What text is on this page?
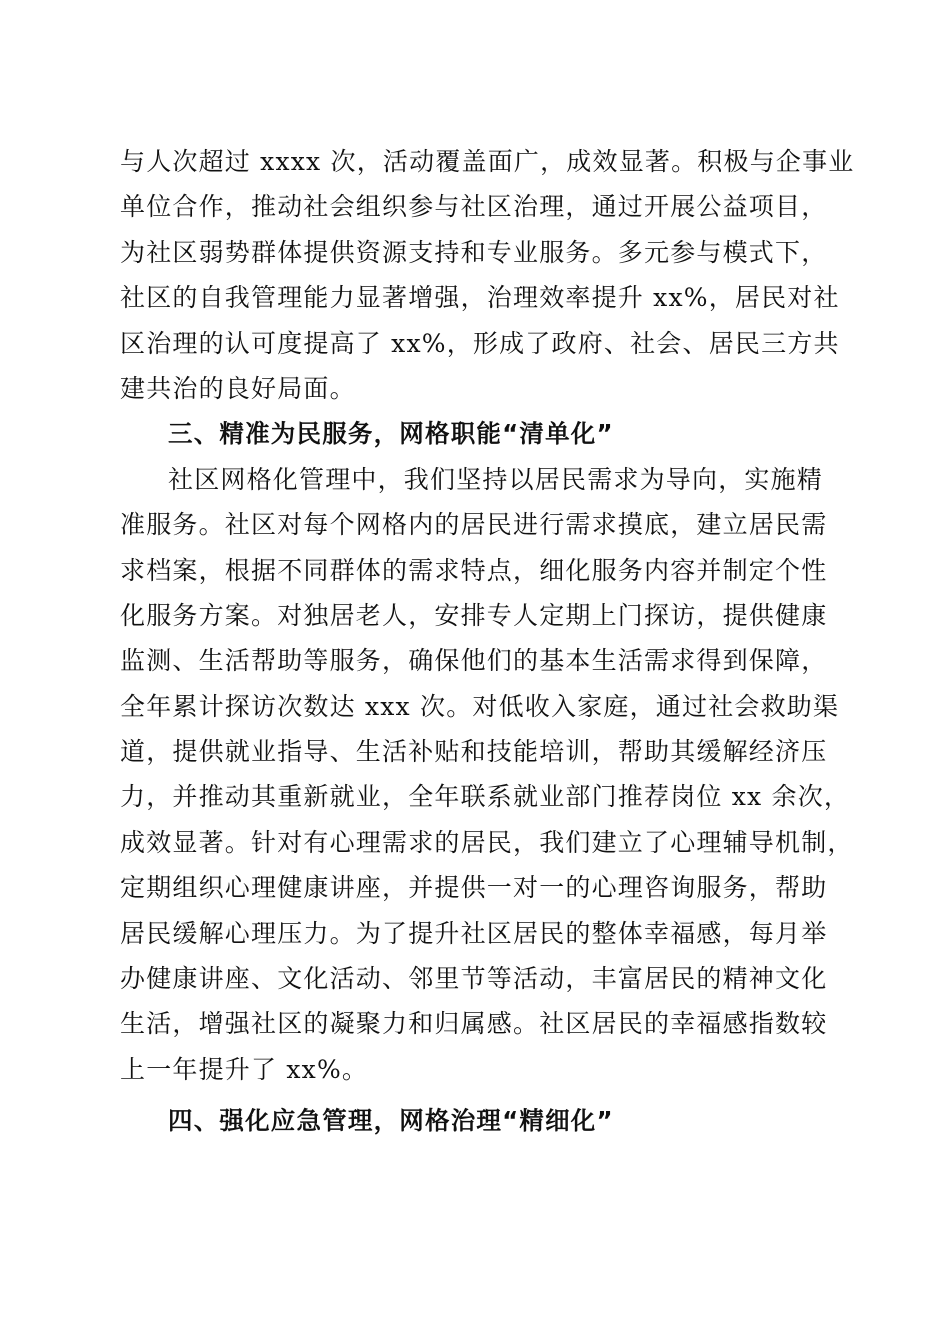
与人次超过 xxxx 次，活动覆盖面广，成效显著。积极与企事业
单位合作，推动社会组织参与社区治理，通过开展公益项目，
为社区弱势群体提供资源支持和专业服务。多元参与模式下，
社区的自我管理能力显著增强，治理效率提升 xx%，居民对社
区治理的认可度提高了 xx%，形成了政府、社会、居民三方共
建共治的良好局面。
三、精准为民服务，网格职能“清单化”
社区网格化管理中，我们坚持以居民需求为导向，实施精
准服务。社区对每个网格内的居民进行需求摸底，建立居民需
求档案，根据不同群体的需求特点，细化服务内容并制定个性
化服务方案。对独居老人，安排专人定期上门探访，提供健康
监测、生活帮助等服务，确保他们的基本生活需求得到保障，
全年累计探访次数达 xxx 次。对低收入家庭，通过社会救助渠
道，提供就业指导、生活补贴和技能培训，帮助其缓解经济压
力，并推动其重新就业，全年联系就业部门推荐岗位 xx 余次，
成效显著。针对有心理需求的居民，我们建立了心理辅导机制，
定期组织心理健康讲座，并提供一对一的心理咨询服务，帮助
居民缓解心理压力。为了提升社区居民的整体幸福感，每月举
办健康讲座、文化活动、邻里节等活动，丰富居民的精神文化
生活，增强社区的凝聚力和归属感。社区居民的幸福感指数较
上一年提升了 xx%。
四、强化应急管理，网格治理“精细化”
